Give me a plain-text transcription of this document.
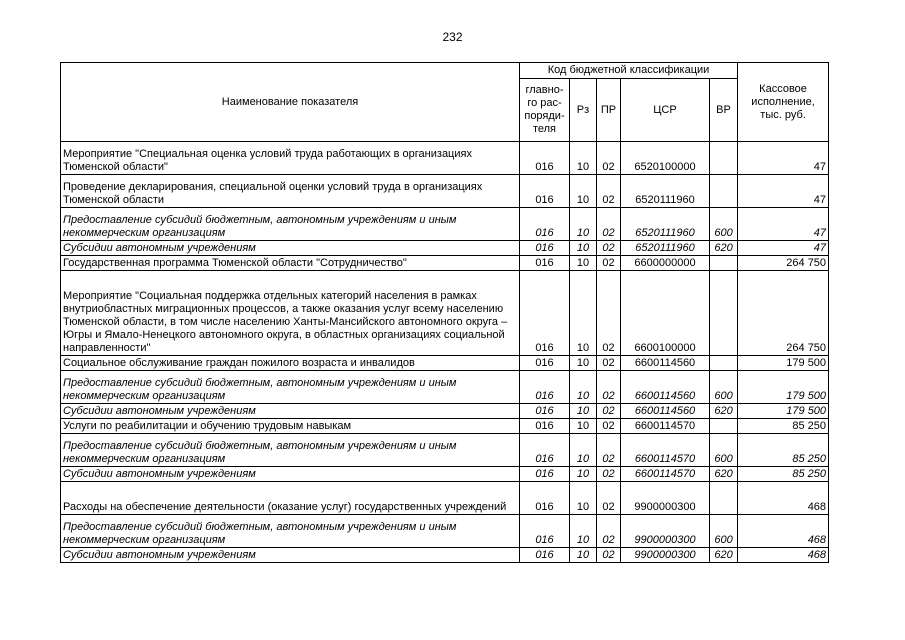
232
Наименование показателя	Код бюджетной классификации					Кассовое исполнение, тыс. руб.
	главно-го рас-поряди-теля	Рз	ПР	ЦСР	ВР	
Мероприятие "Специальная оценка условий труда работающих в организациях Тюменской области"	016	10	02	6520100000		47
Проведение декларирования, специальной оценки условий труда в организациях Тюменской области	016	10	02	6520111960		47
Предоставление субсидий бюджетным, автономным учреждениям и иным некоммерческим организациям	016	10	02	6520111960	600	47
Субсидии автономным учреждениям	016	10	02	6520111960	620	47
Государственная программа Тюменской области "Сотрудничество"	016	10	02	6600000000		264 750
Мероприятие "Социальная поддержка отдельных категорий населения в рамках внутриобластных миграционных процессов, а также оказания услуг всему населению Тюменской области, в том числе населению Ханты-Мансийского автономного округа – Югры и Ямало-Ненецкого автономного округа, в областных организациях социальной направленности"	016	10	02	6600100000		264 750
Социальное обслуживание граждан пожилого возраста и инвалидов	016	10	02	6600114560		179 500
Предоставление субсидий бюджетным, автономным учреждениям и иным некоммерческим организациям	016	10	02	6600114560	600	179 500
Субсидии автономным учреждениям	016	10	02	6600114560	620	179 500
Услуги по реабилитации и обучению трудовым навыкам	016	10	02	6600114570		85 250
Предоставление субсидий бюджетным, автономным учреждениям и иным некоммерческим организациям	016	10	02	6600114570	600	85 250
Субсидии автономным учреждениям	016	10	02	6600114570	620	85 250
Расходы на обеспечение деятельности (оказание услуг) государственных учреждений	016	10	02	9900000300		468
Предоставление субсидий бюджетным, автономным учреждениям и иным некоммерческим организациям	016	10	02	9900000300	600	468
Субсидии автономным учреждениям	016	10	02	9900000300	620	468
